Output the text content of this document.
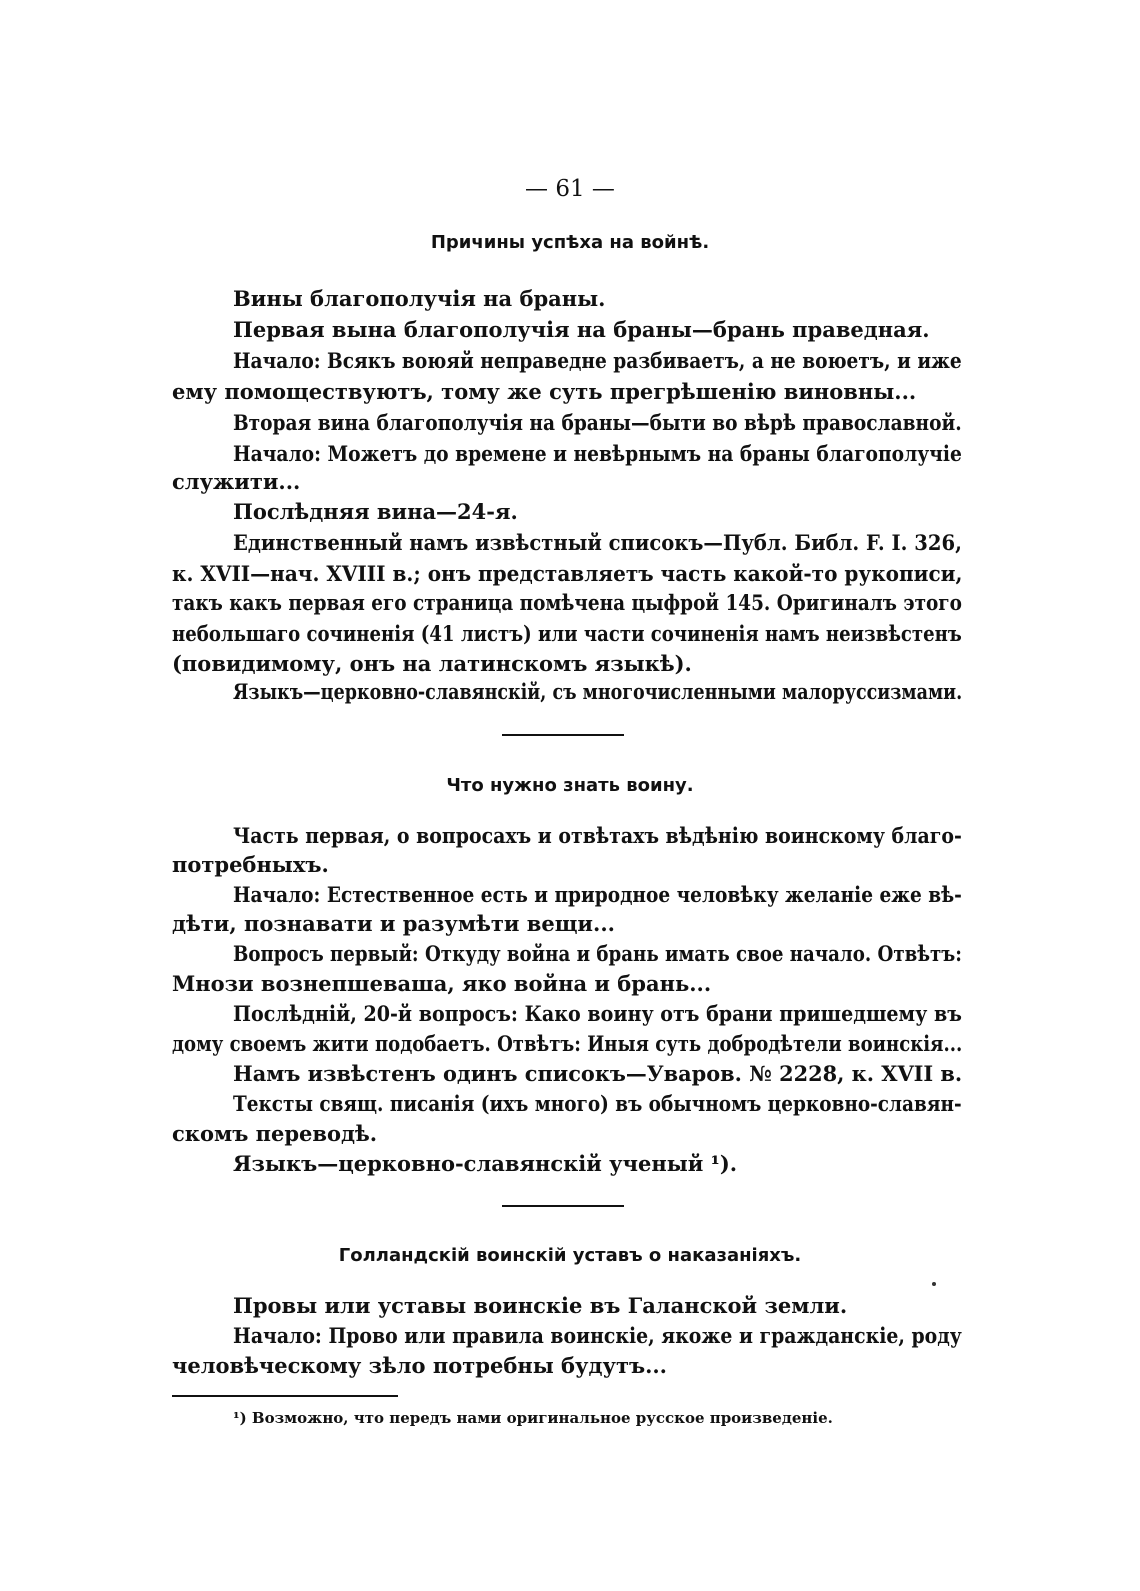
— 61 —
Причины успѣха на войнѣ.
Вины благополучія на браны.
Первая вына благополучія на браны—брань праведная.
Начало: Всякъ воюяй неправедне разбиваетъ, а не воюетъ, и иже
ему помоществуютъ, тому же суть прегрѣшенію виновны...
Вторая вина благополучія на браны—быти во вѣрѣ православной.
Начало: Можетъ до времене и невѣрнымъ на браны благополучіе
служити...
Послѣдняя вина—24-я.
Единственный намъ извѣстный списокъ—Публ. Библ. F. I. 326,
к. XVII—нач. XVIII в.; онъ представляетъ часть какой-то рукописи,
такъ какъ первая его страница помѣчена цыфрой 145. Оригиналъ этого
небольшаго сочиненія (41 листъ) или части сочиненія намъ неизвѣстенъ
(повидимому, онъ на латинскомъ языкѣ).
Языкъ—церковно-славянскій, съ многочисленными малоруссизмами.
Что нужно знать воину.
Часть первая, о вопросахъ и отвѣтахъ вѣдѣнію воинскому благо-
потребныхъ.
Начало: Естественное есть и природное человѣку желаніе еже вѣ-
дѣти, познавати и разумѣти вещи...
Вопросъ первый: Откуду война и брань имать свое начало. Отвѣтъ:
Мнози вознепшеваша, яко война и брань...
Послѣдній, 20-й вопросъ: Како воину отъ брани пришедшему въ
дому своемъ жити подобаетъ. Отвѣтъ: Иныя суть добродѣтели воинскія...
Намъ извѣстенъ одинъ списокъ—Уваров. № 2228, к. XVII в.
Тексты свящ. писанія (ихъ много) въ обычномъ церковно-славян-
скомъ переводѣ.
Языкъ—церковно-славянскій ученый ¹).
Голландскій воинскій уставъ о наказаніяхъ.
Провы или уставы воинскіе въ Галанской земли.
Начало: Прово или правила воинскіе, якоже и гражданскіе, роду
человѣческому зѣло потребны будутъ...
¹) Возможно, что передъ нами оригинальное русское произведеніе.
